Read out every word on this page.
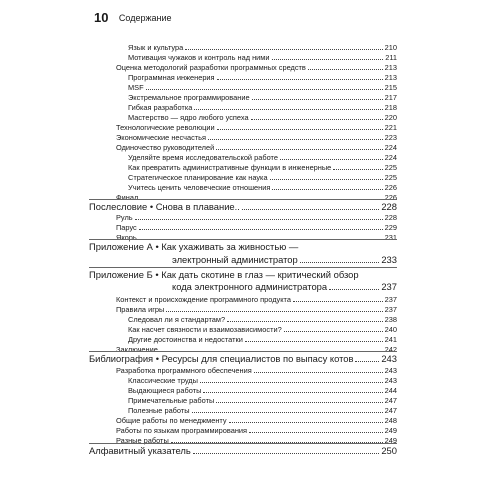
10 Содержание
Язык и культура	210
Мотивация чужаков и контроль над ними	211
Оценка методологий разработки программных средств	213
Программная инженерия	213
MSF	215
Экстремальное программирование	217
Гибкая разработка	218
Мастерство — ядро любого успеха	220
Технологические революции	221
Экономические несчастья	223
Одиночество руководителей	224
Уделяйте время исследовательской работе	224
Как превратить административные функции в инженерные	225
Стратегическое планирование как наука	225
Учитесь ценить человеческие отношения	226
Финал	226
Послесловие • Снова в плавание..	228
Руль	228
Парус	229
Якорь	231
Приложение А • Как ухаживать за живностью —
электронный администратор	233
Приложение Б • Как дать скотине в глаз — критический обзор
кода электронного администратора	237
Контекст и происхождение программного продукта	237
Правила игры	237
Следовал ли я стандартам?	238
Как насчет связности и взаимозависимости?	240
Другие достоинства и недостатки	241
Заключение	242
Библиография • Ресурсы для специалистов по выпасу котов	243
Разработка программного обеспечения	243
Классические труды	243
Выдающиеся работы	244
Примечательные работы	247
Полезные работы	247
Общие работы по менеджменту	248
Работы по языкам программирования	249
Разные работы	249
Алфавитный указатель	250
